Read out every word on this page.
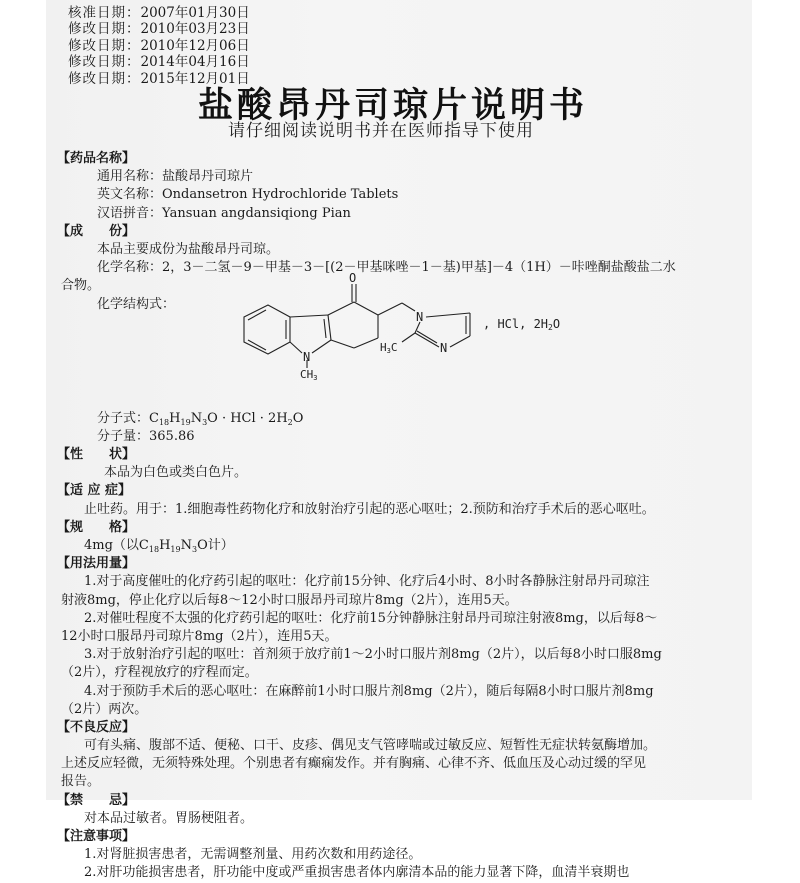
核准日期：2007年01月30日
修改日期：2010年03月23日
修改日期：2010年12月06日
修改日期：2014年04月16日
修改日期：2015年12月01日
盐酸昂丹司琼片说明书
请仔细阅读说明书并在医师指导下使用
【药品名称】
通用名称：盐酸昂丹司琼片
英文名称：Ondansetron Hydrochloride Tablets
汉语拼音：Yansuan angdansiqiong Pian
【成　　份】
本品主要成份为盐酸昂丹司琼。
化学名称：2，3－二氢－9－甲基－3－[(2－甲基咪唑－1－基)甲基]－4（1H）－咔唑酮盐酸盐二水
合物。
化学结构式：
分子式：$C_{18}H_{19}N_3O$ · HCl · $2H_2O$
分子量：365.86
【性　　状】
本品为白色或类白色片。
【适 应 症】
止吐药。用于：1.细胞毒性药物化疗和放射治疗引起的恶心呕吐；2.预防和治疗手术后的恶心呕吐。
【规　　格】
4mg（以$C_{18}H_{19}N_3O$计）
【用法用量】
1.对于高度催吐的化疗药引起的呕吐：化疗前15分钟、化疗后4小时、8小时各静脉注射昂丹司琼注
射液8mg，停止化疗以后每8～12小时口服昂丹司琼片8mg（2片），连用5天。
2.对催吐程度不太强的化疗药引起的呕吐：化疗前15分钟静脉注射昂丹司琼注射液8mg，以后每8～
12小时口服昂丹司琼片8mg（2片），连用5天。
3.对于放射治疗引起的呕吐：首剂须于放疗前1～2小时口服片剂8mg（2片），以后每8小时口服8mg
（2片），疗程视放疗的疗程而定。
4.对于预防手术后的恶心呕吐：在麻醉前1小时口服片剂8mg（2片），随后每隔8小时口服片剂8mg
（2片）两次。
【不良反应】
可有头痛、腹部不适、便秘、口干、皮疹、偶见支气管哮喘或过敏反应、短暂性无症状转氨酶增加。
上述反应轻微，无须特殊处理。个别患者有癫痫发作。并有胸痛、心律不齐、低血压及心动过缓的罕见
报告。
【禁　　忌】
对本品过敏者。胃肠梗阻者。
【注意事项】
1.对肾脏损害患者，无需调整剂量、用药次数和用药途径。
2.对肝功能损害患者，肝功能中度或严重损害患者体内廓清本品的能力显著下降，血清半衰期也
O
N
CH3
N
N
H3C
, HCl, 2H2O
